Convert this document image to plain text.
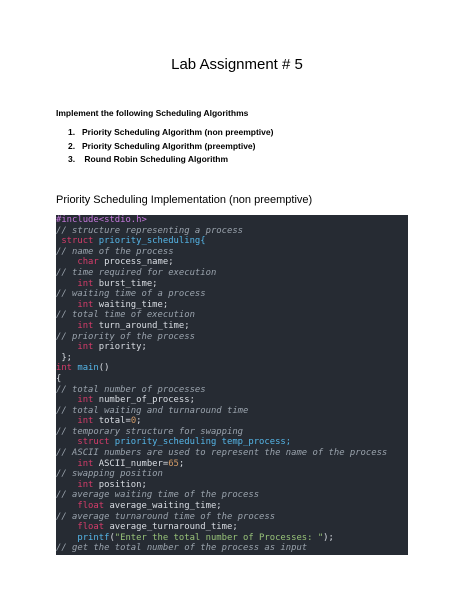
Lab Assignment # 5
Implement the following Scheduling Algorithms
1. Priority Scheduling Algorithm (non preemptive)
2. Priority Scheduling Algorithm (preemptive)
3. Round Robin Scheduling Algorithm
Priority Scheduling Implementation (non preemptive)
#include<stdio.h>
// structure representing a process
struct priority_scheduling{
// name of the process
char process_name;
// time required for execution
int burst_time;
// waiting time of a process
int waiting_time;
// total time of execution
int turn_around_time;
// priority of the process
int priority;
};
int main()
{
// total number of processes
int number_of_process;
// total waiting and turnaround time
int total=0;
// temporary structure for swapping
struct priority_scheduling temp_process;
// ASCII numbers are used to represent the name of the process
int ASCII_number=65;
// swapping position
int position;
// average waiting time of the process
float average_waiting_time;
// average turnaround time of the process
float average_turnaround_time;
printf("Enter the total number of Processes: ");
// get the total number of the process as input
